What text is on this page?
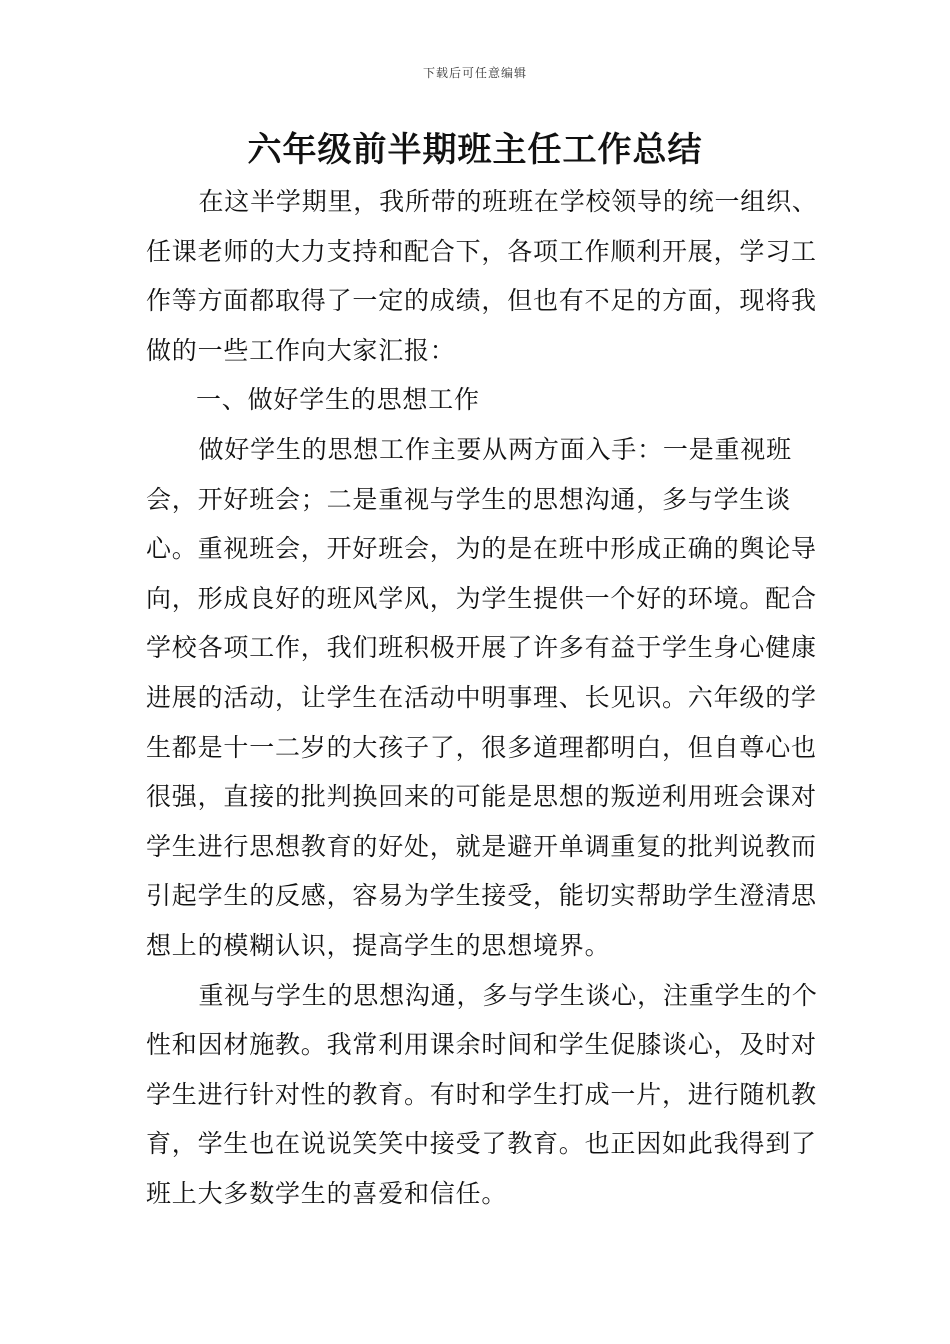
下载后可任意编辑
六年级前半期班主任工作总结

在这半学期里，我所带的班班在学校领导的统一组织、任课老师的大力支持和配合下，各项工作顺利开展，学习工作等方面都取得了一定的成绩，但也有不足的方面，现将我做的一些工作向大家汇报：

一、做好学生的思想工作

做好学生的思想工作主要从两方面入手：一是重视班会，开好班会；二是重视与学生的思想沟通，多与学生谈心。重视班会，开好班会，为的是在班中形成正确的舆论导向，形成良好的班风学风，为学生提供一个好的环境。配合学校各项工作，我们班积极开展了许多有益于学生身心健康进展的活动，让学生在活动中明事理、长见识。六年级的学生都是十一二岁的大孩子了，很多道理都明白，但自尊心也很强，直接的批判换回来的可能是思想的叛逆利用班会课对学生进行思想教育的好处，就是避开单调重复的批判说教而引起学生的反感，容易为学生接受，能切实帮助学生澄清思想上的模糊认识，提高学生的思想境界。

重视与学生的思想沟通，多与学生谈心，注重学生的个性和因材施教。我常利用课余时间和学生促膝谈心，及时对学生进行针对性的教育。有时和学生打成一片，进行随机教育，学生也在说说笑笑中接受了教育。也正因如此我得到了班上大多数学生的喜爱和信任。
